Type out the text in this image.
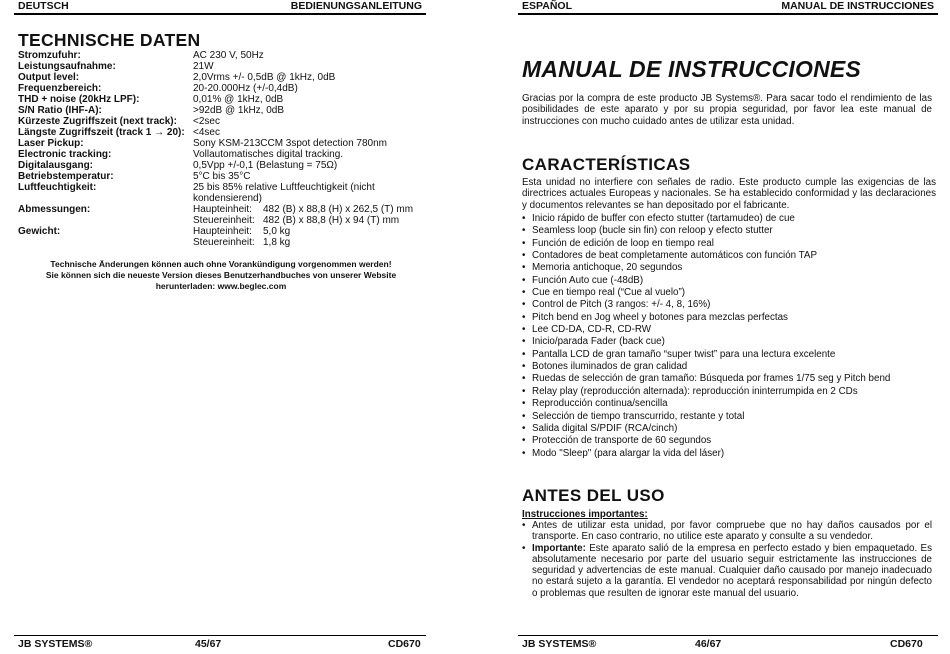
DEUTSCH	BEDIENUNGSANLEITUNG
TECHNISCHE DATEN
Stromzufuhr:	AC 230 V, 50Hz
Leistungsaufnahme:	21W
Output level:	2,0Vrms +/- 0,5dB @ 1kHz, 0dB
Frequenzbereich:	20-20.000Hz (+/-0,4dB)
THD + noise (20kHz LPF):	0,01% @ 1kHz, 0dB
S/N Ratio (IHF-A):	>92dB @ 1kHz, 0dB
Kürzeste Zugriffszeit (next track):	<2sec
Längste Zugriffszeit (track 1 → 20): <4sec
Laser Pickup:	Sony KSM-213CCM 3spot detection 780nm
Electronic tracking:	Vollautomatisches digital tracking.
Digitalausgang:	0,5Vpp +/-0,1 (Belastung = 75Ω)
Betriebstemperatur:	5°C bis 35°C
Luftfeuchtigkeit:	25 bis 85% relative Luftfeuchtigkeit (nicht kondensierend)
Abmessungen:	Haupteinheit:	482 (B) x 88,8 (H) x 262,5 (T) mm
Steuereinheit: 482 (B) x 88,8 (H) x 94 (T) mm
Gewicht:	Haupteinheit:	5,0 kg
Steuereinheit: 1,8 kg
Technische Änderungen können auch ohne Vorankündigung vorgenommen werden!
Sie können sich die neueste Version dieses Benutzerhandbuches von unserer Website
herunterladen: www.beglec.com
JB SYSTEMS®	45/67	CD670
ESPAÑOL	MANUAL DE INSTRUCCIONES
MANUAL DE INSTRUCCIONES
Gracias por la compra de este producto JB Systems®. Para sacar todo el rendimiento de las posibilidades de este aparato y por su propia seguridad, por favor lea este manual de instrucciones con mucho cuidado antes de utilizar esta unidad.
CARACTERÍSTICAS
Esta unidad no interfiere con señales de radio. Este producto cumple las exigencias de las directrices actuales Europeas y nacionales. Se ha establecido conformidad y las declaraciones y documentos relevantes se han depositado por el fabricante.
• Inicio rápido de buffer con efecto stutter (tartamudeo) de cue
• Seamless loop (bucle sin fin) con reloop y efecto stutter
• Función de edición de loop en tiempo real
• Contadores de beat completamente automáticos con función TAP
• Memoria antichoque, 20 segundos
• Función Auto cue (-48dB)
• Cue en tiempo real (“Cue al vuelo”)
• Control de Pitch (3 rangos: +/- 4, 8, 16%)
• Pitch bend en Jog wheel y botones para mezclas perfectas
• Lee CD-DA, CD-R, CD-RW
• Inicio/parada Fader (back cue)
• Pantalla LCD de gran tamaño “super twist” para una lectura excelente
• Botones iluminados de gran calidad
• Ruedas de selección de gran tamaño: Búsqueda por frames 1/75 seg y Pitch bend
• Relay play (reproducción alternada): reproducción ininterrumpida en 2 CDs
• Reproducción continua/sencilla
• Selección de tiempo transcurrido, restante y total
• Salida digital S/PDIF (RCA/cinch)
• Protección de transporte de 60 segundos
• Modo "Sleep" (para alargar la vida del láser)
ANTES DEL USO
Instrucciones importantes:
• Antes de utilizar esta unidad, por favor compruebe que no hay daños causados por el transporte. En caso contrario, no utilice este aparato y consulte a su vendedor.
• Importante: Este aparato salió de la empresa en perfecto estado y bien empaquetado. Es absolutamente necesario por parte del usuario seguir estrictamente las instrucciones de seguridad y advertencias de este manual. Cualquier daño causado por manejo inadecuado no estará sujeto a la garantía. El vendedor no aceptará responsabilidad por ningún defecto o problemas que resulten de ignorar este manual del usuario.
JB SYSTEMS®	46/67	CD670
